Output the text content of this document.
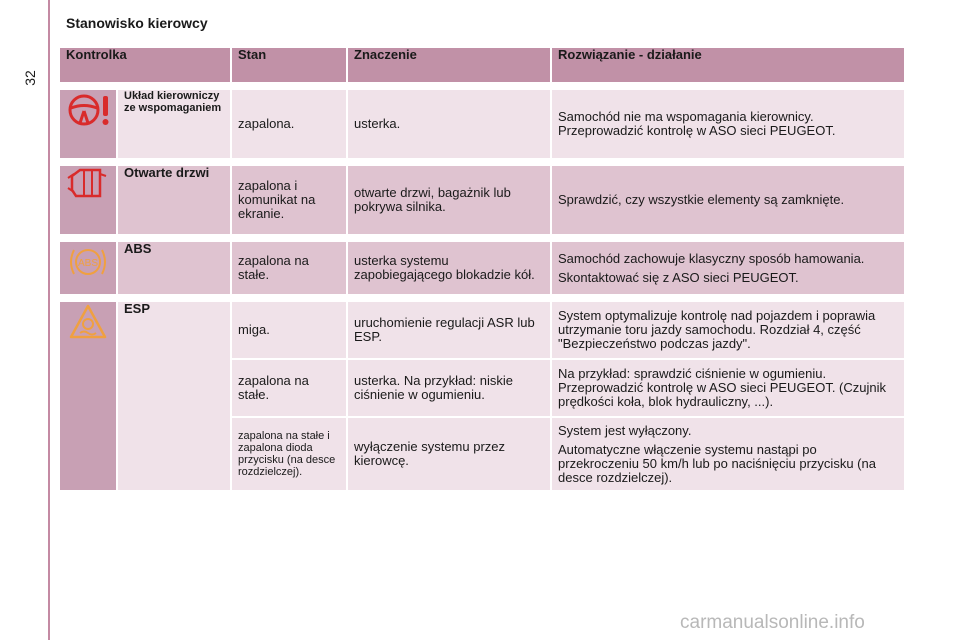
32
Stanowisko kierowcy
Kontrolka		Stan	Znaczenie	Rozwiązanie - działanie

	Układ kierowniczy ze wspomaganiem	zapalona.	usterka.	Samochód nie ma wspomagania kierownicy. Przeprowadzić kontrolę w ASO sieci PEUGEOT.

	Otwarte drzwi	zapalona i komunikat na ekranie.	otwarte drzwi, bagażnik lub pokrywa silnika.	Sprawdzić, czy wszystkie elementy są zamknięte.

ABS	ABS	zapalona na stałe.	usterka systemu zapobiegającego blokadzie kół.	Samochód zachowuje klasyczny sposób hamowania.
Skontaktować się z ASO sieci PEUGEOT.

	ESP	miga.	uruchomienie regulacji ASR lub ESP.	System optymalizuje kontrolę nad pojazdem i poprawia utrzymanie toru jazdy samochodu. Rozdział 4, część "Bezpieczeństwo podczas jazdy".
		zapalona na stałe.	usterka. Na przykład: niskie ciśnienie w ogumieniu.	Na przykład: sprawdzić ciśnienie w ogumieniu. Przeprowadzić kontrolę w ASO sieci PEUGEOT. (Czujnik prędkości koła, blok hydrauliczny, ...).
		zapalona na stałe i zapalona dioda przycisku (na desce rozdzielczej).	wyłączenie systemu przez kierowcę.	System jest wyłączony.
Automatyczne włączenie systemu nastąpi po przekroczeniu 50 km/h lub po naciśnięciu przycisku (na desce rozdzielczej).
carmanualsonline.info
